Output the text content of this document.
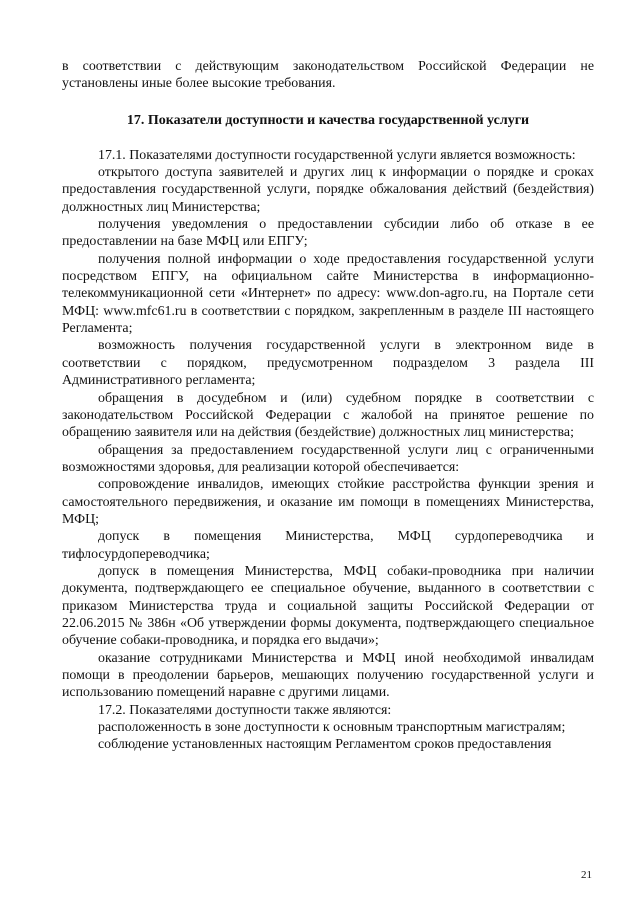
в соответствии с действующим законодательством Российской Федерации не установлены иные более высокие требования.

17. Показатели доступности и качества государственной услуги

17.1. Показателями доступности государственной услуги является возможность:

открытого доступа заявителей и других лиц к информации о порядке и сроках предоставления государственной услуги, порядке обжалования действий (бездействия) должностных лиц Министерства;

получения уведомления о предоставлении субсидии либо об отказе в ее предоставлении на базе МФЦ или ЕПГУ;

получения полной информации о ходе предоставления государственной услуги посредством ЕПГУ, на официальном сайте Министерства в информационно-телекоммуникационной сети «Интернет» по адресу: www.don-agro.ru, на Портале сети МФЦ: www.mfc61.ru в соответствии с порядком, закрепленным в разделе III настоящего Регламента;

возможность получения государственной услуги в электронном виде в соответствии с порядком, предусмотренном подразделом 3 раздела III Административного регламента;

обращения в досудебном и (или) судебном порядке в соответствии с законодательством Российской Федерации с жалобой на принятое решение по обращению заявителя или на действия (бездействие) должностных лиц министерства;

обращения за предоставлением государственной услуги лиц с ограниченными возможностями здоровья, для реализации которой обеспечивается:

сопровождение инвалидов, имеющих стойкие расстройства функции зрения и самостоятельного передвижения, и оказание им помощи в помещениях Министерства, МФЦ;

допуск в помещения Министерства, МФЦ сурдопереводчика и тифлосурдопереводчика;

допуск в помещения Министерства, МФЦ собаки-проводника при наличии документа, подтверждающего ее специальное обучение, выданного в соответствии с приказом Министерства труда и социальной защиты Российской Федерации от 22.06.2015 № 386н «Об утверждении формы документа, подтверждающего специальное обучение собаки-проводника, и порядка его выдачи»;

оказание сотрудниками Министерства и МФЦ иной необходимой инвалидам помощи в преодолении барьеров, мешающих получению государственной услуги и использованию помещений наравне с другими лицами.

17.2. Показателями доступности также являются:

расположенность в зоне доступности к основным транспортным магистралям;

соблюдение установленных настоящим Регламентом сроков предоставления

21
